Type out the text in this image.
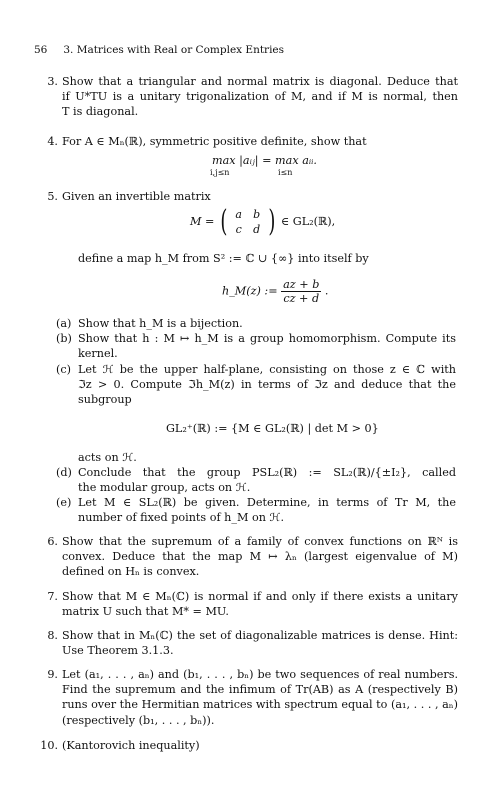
56 3. Matrices with Real or Complex Entries
3. Show that a triangular and normal matrix is diagonal. Deduce that
if U*TU is a unitary trigonalization of M, and if M is normal, then
T is diagonal.
4. For A ∈ Mₙ(ℝ), symmetric positive definite, show that
max |aᵢⱼ| = max aᵢᵢ.
i,j≤n	i≤n
5. Given an invertible matrix
M = ( a	b
c	d ) ∈ GL₂(ℝ),
define a map h_M from S² := ℂ ∪ {∞} into itself by
h_M(z) := $\frac{az + b}{cz + d}$ .
(a) Show that h_M is a bijection.
(b) Show that h : M ↦ h_M is a group homomorphism. Compute its
kernel.
(c) Let ℋ be the upper half-plane, consisting on those z ∈ ℂ with
ℑz > 0. Compute ℑh_M(z) in terms of ℑz and deduce that the
subgroup
GL₂⁺(ℝ) := {M ∈ GL₂(ℝ) | det M > 0}
acts on ℋ.
(d) Conclude that the group PSL₂(ℝ) := SL₂(ℝ)/{±I₂}, called
the modular group, acts on ℋ.
(e) Let M ∈ SL₂(ℝ) be given. Determine, in terms of Tr M, the
number of fixed points of h_M on ℋ.
6. Show that the supremum of a family of convex functions on ℝᴺ is
convex. Deduce that the map M ↦ λₙ (largest eigenvalue of M)
defined on Hₙ is convex.
7. Show that M ∈ Mₙ(ℂ) is normal if and only if there exists a unitary
matrix U such that M* = MU.
8. Show that in Mₙ(ℂ) the set of diagonalizable matrices is dense. Hint:
Use Theorem 3.1.3.
9. Let (a₁, . . . , aₙ) and (b₁, . . . , bₙ) be two sequences of real numbers.
Find the supremum and the infimum of Tr(AB) as A (respectively B)
runs over the Hermitian matrices with spectrum equal to (a₁, . . . , aₙ)
(respectively (b₁, . . . , bₙ)).
10. (Kantorovich inequality)
